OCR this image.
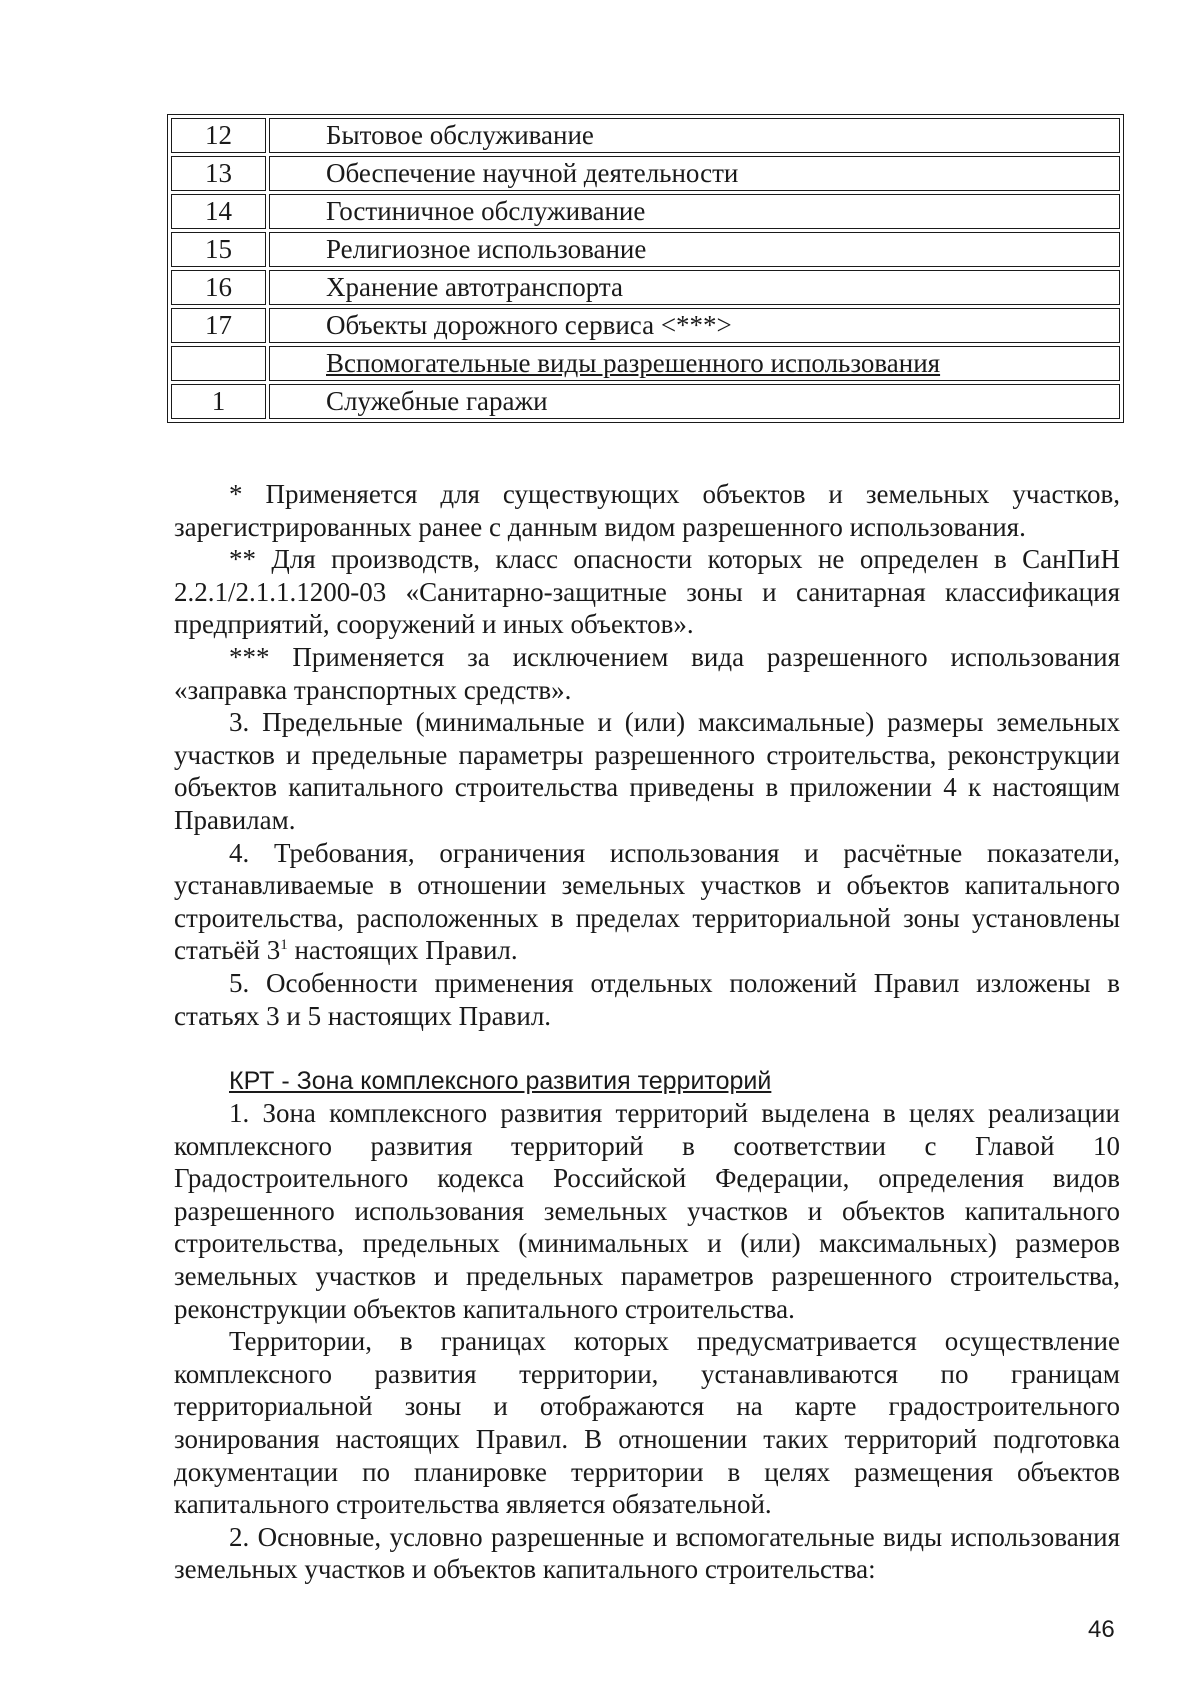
12	Бытовое обслуживание
13	Обеспечение научной деятельности
14	Гостиничное обслуживание
15	Религиозное использование
16	Хранение автотранспорта
17	Объекты дорожного сервиса <***>
	Вспомогательные виды разрешенного использования
1	Служебные гаражи

* Применяется для существующих объектов и земельных участков, зарегистрированных ранее с данным видом разрешенного использования.

** Для производств, класс опасности которых не определен в СанПиН 2.2.1/2.1.1.1200-03 «Санитарно-защитные зоны и санитарная классификация предприятий, сооружений и иных объектов».

*** Применяется за исключением вида разрешенного использования «заправка транспортных средств».

3. Предельные (минимальные и (или) максимальные) размеры земельных участков и предельные параметры разрешенного строительства, реконструкции объектов капитального строительства приведены в приложении 4 к настоящим Правилам.

4. Требования, ограничения использования и расчётные показатели, устанавливаемые в отношении земельных участков и объектов капитального строительства, расположенных в пределах территориальной зоны установлены статьёй $3^1$ настоящих Правил.

5. Особенности применения отдельных положений Правил изложены в статьях 3 и 5 настоящих Правил.

КРТ - Зона комплексного развития территорий

1. Зона комплексного развития территорий выделена в целях реализации комплексного развития территорий в соответствии с Главой 10 Градостроительного кодекса Российской Федерации, определения видов разрешенного использования земельных участков и объектов капитального строительства, предельных (минимальных и (или) максимальных) размеров земельных участков и предельных параметров разрешенного строительства, реконструкции объектов капитального строительства.

Территории, в границах которых предусматривается осуществление комплексного развития территории, устанавливаются по границам территориальной зоны и отображаются на карте градостроительного зонирования настоящих Правил. В отношении таких территорий подготовка документации по планировке территории в целях размещения объектов капитального строительства является обязательной.

2. Основные, условно разрешенные и вспомогательные виды использования земельных участков и объектов капитального строительства:

46
